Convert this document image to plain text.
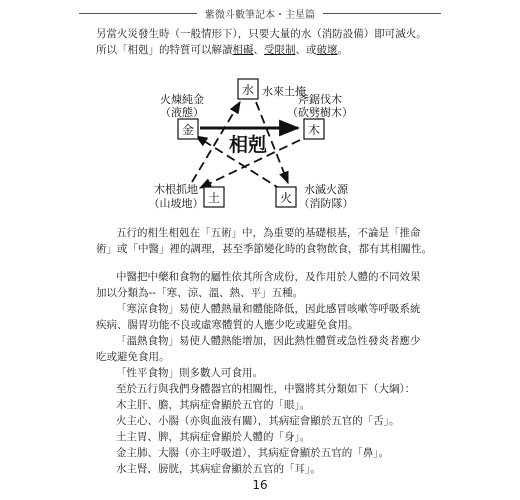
紫微斗數筆記本・主星篇
另當火災發生時（一般情形下），只要大量的水（消防設備）即可滅火。
所以「相剋」的特質可以解讀相礙、受限制、或破壞。
相剋
水 水來土掩
金
火煉純金
（液態）
木
斧鋸伐木
（砍劈樹木）
土
木根抓地
（山坡地）	火
水滅火源
（消防隊）
五行的相生相剋在「五術」中，為重要的基礎根基，不論是「推命
術」或「中醫」裡的調理，甚至季節變化時的食物飲食，都有其相關性。
中醫把中藥和食物的屬性依其所含成份，及作用於人體的不同效果
加以分類為--「寒、涼、溫、熱、平」五種。
「寒涼食物」易使人體熱量和體能降低，因此感冒咳嗽等呼吸系統
疾病、腸胃功能不良或虛寒體質的人應少吃或避免食用。
「溫熱食物」易使人體熱能增加，因此熱性體質或急性發炎者應少
吃或避免食用。
「性平食物」則多數人可食用。
至於五行與我們身體器官的相關性，中醫將其分類如下（大綱）：
木主肝、膽，其病症會顯於五官的「眼」。
火主心、小腸（亦與血液有關），其病症會顯於五官的「舌」。
土主胃、脾，其病症會顯於人體的「身」。
金主肺、大腸（亦主呼吸道），其病症會顯於五官的「鼻」。
水主腎，膀胱，其病症會顯於五官的「耳」。
16
